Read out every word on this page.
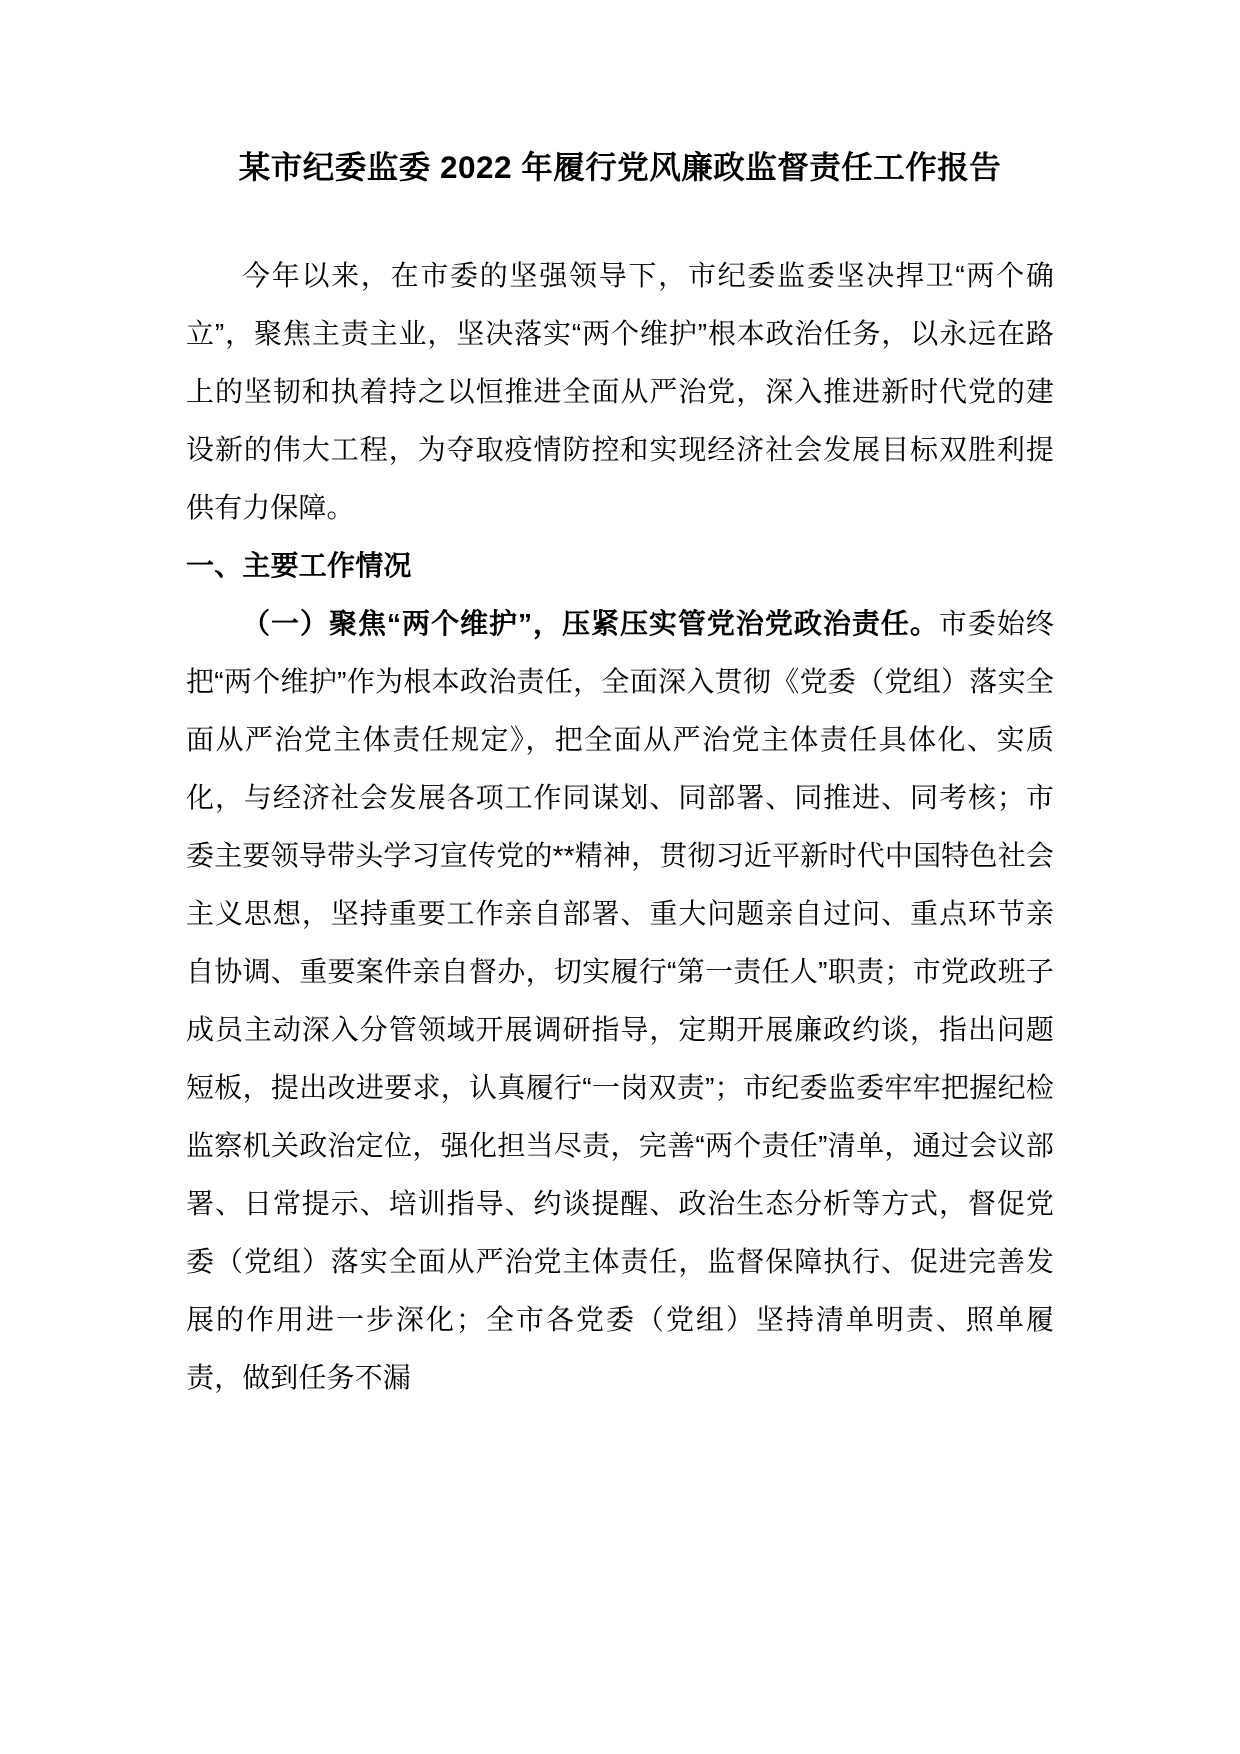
某市纪委监委 2022 年履行党风廉政监督责任工作报告

今年以来，在市委的坚强领导下，市纪委监委坚决捍卫“两个确立”，聚焦主责主业，坚决落实“两个维护”根本政治任务，以永远在路上的坚韧和执着持之以恒推进全面从严治党，深入推进新时代党的建设新的伟大工程，为夺取疫情防控和实现经济社会发展目标双胜利提供有力保障。

一、主要工作情况

（一）聚焦“两个维护”，压紧压实管党治党政治责任。市委始终把“两个维护”作为根本政治责任，全面深入贯彻《党委（党组）落实全面从严治党主体责任规定》，把全面从严治党主体责任具体化、实质化，与经济社会发展各项工作同谋划、同部署、同推进、同考核；市委主要领导带头学习宣传党的**精神，贯彻习近平新时代中国特色社会主义思想，坚持重要工作亲自部署、重大问题亲自过问、重点环节亲自协调、重要案件亲自督办，切实履行“第一责任人”职责；市党政班子成员主动深入分管领域开展调研指导，定期开展廉政约谈，指出问题短板，提出改进要求，认真履行“一岗双责”；市纪委监委牢牢把握纪检监察机关政治定位，强化担当尽责，完善“两个责任”清单，通过会议部署、日常提示、培训指导、约谈提醒、政治生态分析等方式，督促党委（党组）落实全面从严治党主体责任，监督保障执行、促进完善发展的作用进一步深化；全市各党委（党组）坚持清单明责、照单履责，做到任务不漏
